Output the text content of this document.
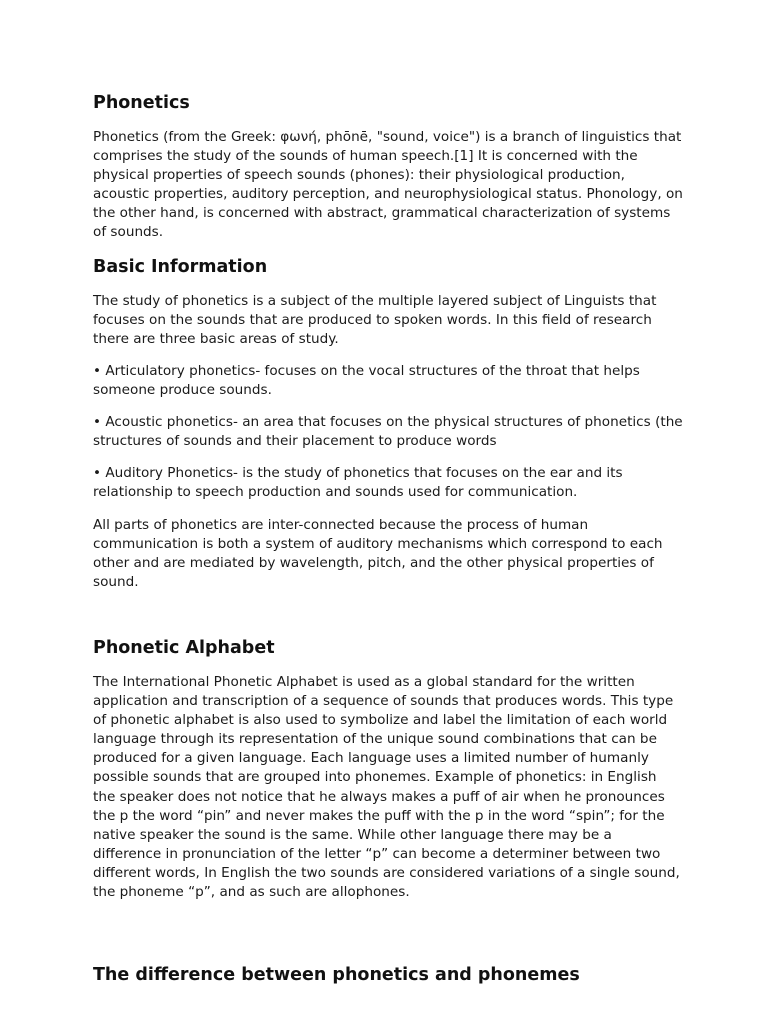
Phonetics

Phonetics (from the Greek: φωνή, phōnē, "sound, voice") is a branch of linguistics that comprises the study of the sounds of human speech.[1] It is concerned with the physical properties of speech sounds (phones): their physiological production, acoustic properties, auditory perception, and neurophysiological status. Phonology, on the other hand, is concerned with abstract, grammatical characterization of systems of sounds.

Basic Information

The study of phonetics is a subject of the multiple layered subject of Linguists that focuses on the sounds that are produced to spoken words. In this field of research there are three basic areas of study.

• Articulatory phonetics- focuses on the vocal structures of the throat that helps someone produce sounds.

• Acoustic phonetics- an area that focuses on the physical structures of phonetics (the structures of sounds and their placement to produce words

• Auditory Phonetics- is the study of phonetics that focuses on the ear and its relationship to speech production and sounds used for communication.

All parts of phonetics are inter-connected because the process of human communication is both a system of auditory mechanisms which correspond to each other and are mediated by wavelength, pitch, and the other physical properties of sound.

Phonetic Alphabet

The International Phonetic Alphabet is used as a global standard for the written application and transcription of a sequence of sounds that produces words. This type of phonetic alphabet is also used to symbolize and label the limitation of each world language through its representation of the unique sound combinations that can be produced for a given language. Each language uses a limited number of humanly possible sounds that are grouped into phonemes. Example of phonetics: in English the speaker does not notice that he always makes a puff of air when he pronounces the p the word “pin” and never makes the puff with the p in the word “spin”; for the native speaker the sound is the same. While other language there may be a difference in pronunciation of the letter “p” can become a determiner between two different words, In English the two sounds are considered variations of a single sound, the phoneme “p”, and as such are allophones.

The difference between phonetics and phonemes
